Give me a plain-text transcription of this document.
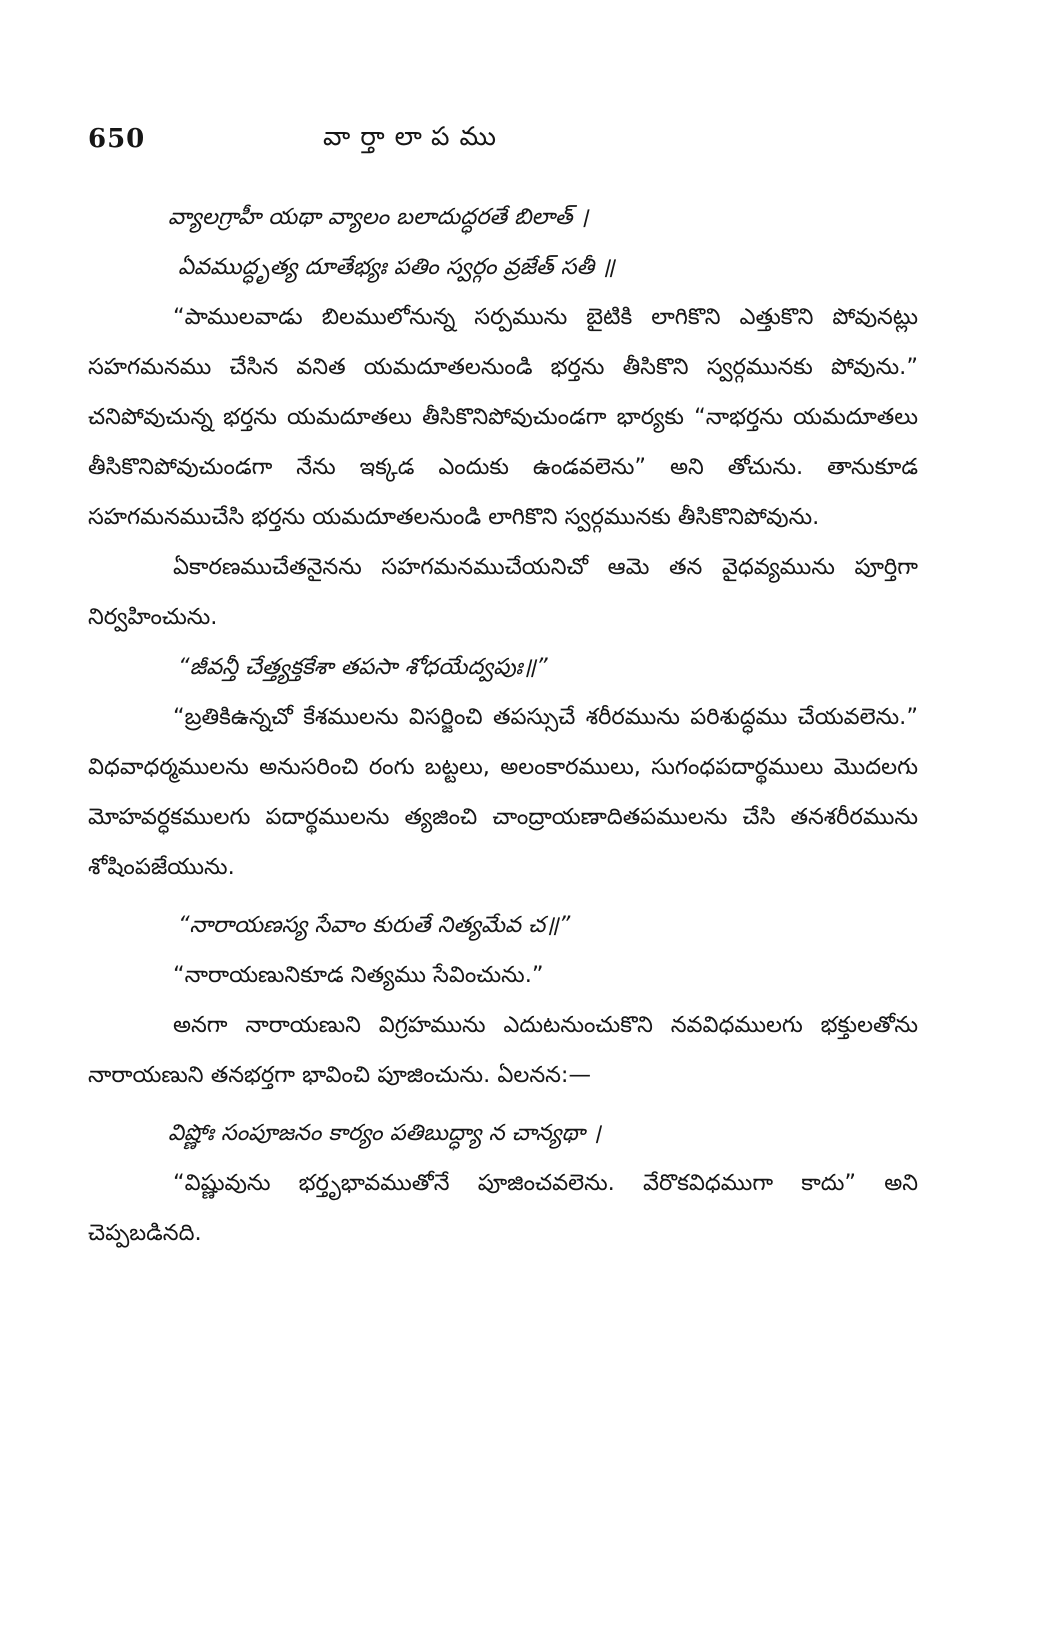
650	వార్తాలాపము
వ్యాలగ్రాహీ యథా వ్యాలం బలాదుద్ధరతే బిలాత్ ।
ఏవముద్ధృత్య దూతేభ్యః పతిం స్వర్గం వ్రజేత్ సతీ ॥
“పాములవాడు బిలములోనున్న సర్పమును బైటికి లాగికొని ఎత్తుకొని పోవునట్లు సహగమనము చేసిన వనిత యమదూతలనుండి భర్తను తీసికొని స్వర్గమునకు పోవును.” చనిపోవుచున్న భర్తను యమదూతలు తీసికొనిపోవుచుండగా భార్యకు “నాభర్తను యమదూతలు తీసికొనిపోవుచుండగా నేను ఇక్కడ ఎందుకు ఉండవలెను” అని తోచును. తానుకూడ సహగమనముచేసి భర్తను యమదూతలనుండి లాగికొని స్వర్గమునకు తీసికొనిపోవును.
ఏకారణముచేతనైనను సహగమనముచేయనిచో ఆమె తన వైధవ్యమును పూర్తిగా నిర్వహించును.
“జీవన్తీ చేత్త్యక్తకేశా తపసా శోధయేద్వపుః॥”
“బ్రతికిఉన్నచో కేశములను విసర్జించి తపస్సుచే శరీరమును పరిశుద్ధము చేయవలెను.” విధవాధర్మములను అనుసరించి రంగు బట్టలు, అలంకారములు, సుగంధపదార్థములు మొదలగు మోహవర్ధకములగు పదార్థములను త్యజించి చాంద్రాయణాదితపములను చేసి తనశరీరమును శోషింపజేయును.
“నారాయణస్య సేవాం కురుతే నిత్యమేవ చ॥”
“నారాయణునికూడ నిత్యము సేవించును.”
అనగా నారాయణుని విగ్రహమును ఎదుటనుంచుకొని నవవిధములగు భక్తులతోను నారాయణుని తనభర్తగా భావించి పూజించును. ఏలనన:—
విష్ణోః సంపూజనం కార్యం పతిబుద్ధ్యా న చాన్యథా ।
“విష్ణువును భర్తృభావముతోనే పూజించవలెను. వేరొకవిధముగా కాదు” అని చెప్పబడినది.
